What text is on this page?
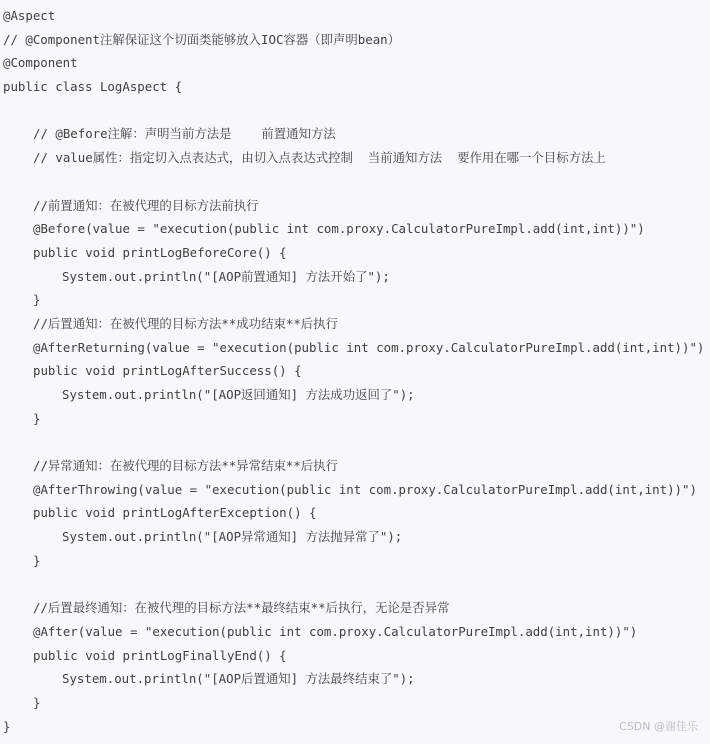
@Aspect
// @Component注解保证这个切面类能够放入IOC容器（即声明bean）
@Component
public class LogAspect {
// @Before注解：声明当前方法是    前置通知方法
// value属性：指定切入点表达式，由切入点表达式控制  当前通知方法  要作用在哪一个目标方法上
//前置通知：在被代理的目标方法前执行
@Before(value = "execution(public int com.proxy.CalculatorPureImpl.add(int,int))")
public void printLogBeforeCore() {
System.out.println("[AOP前置通知] 方法开始了");
}
//后置通知：在被代理的目标方法**成功结束**后执行
@AfterReturning(value = "execution(public int com.proxy.CalculatorPureImpl.add(int,int))")
public void printLogAfterSuccess() {
System.out.println("[AOP返回通知] 方法成功返回了");
}
//异常通知：在被代理的目标方法**异常结束**后执行
@AfterThrowing(value = "execution(public int com.proxy.CalculatorPureImpl.add(int,int))")
public void printLogAfterException() {
System.out.println("[AOP异常通知] 方法抛异常了");
}
//后置最终通知：在被代理的目标方法**最终结束**后执行，无论是否异常
@After(value = "execution(public int com.proxy.CalculatorPureImpl.add(int,int))")
public void printLogFinallyEnd() {
System.out.println("[AOP后置通知] 方法最终结束了");
}
}	CSDN @谢佳乐
